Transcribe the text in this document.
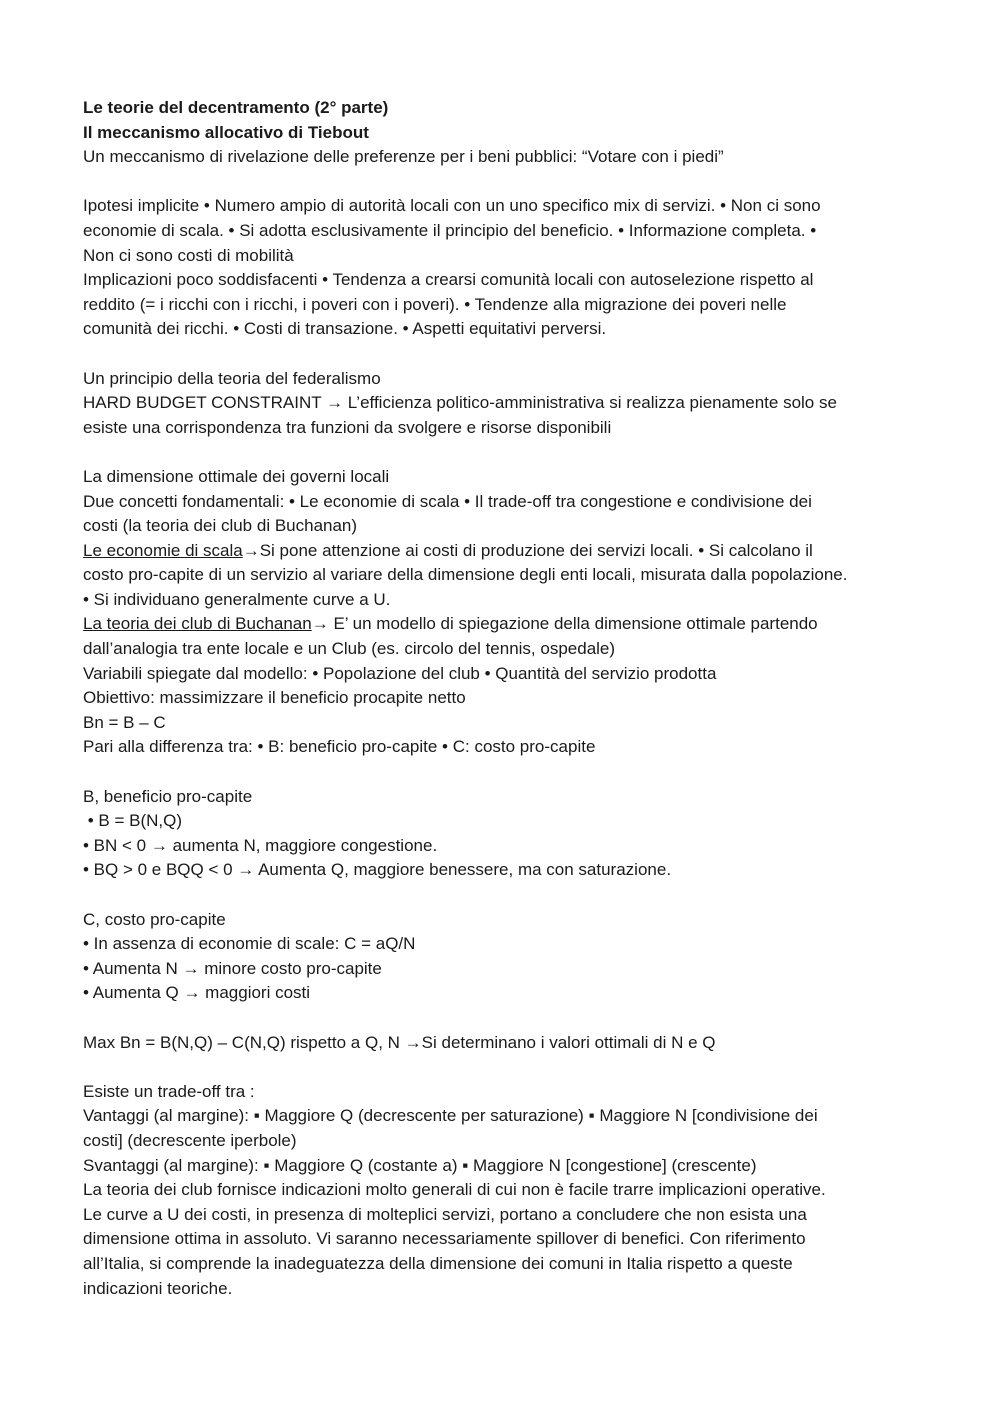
Le teorie del decentramento (2° parte)
Il meccanismo allocativo di Tiebout
Un meccanismo di rivelazione delle preferenze per i beni pubblici: “Votare con i piedi”
Ipotesi implicite • Numero ampio di autorità locali con un uno specifico mix di servizi. • Non ci sono
economie di scala. • Si adotta esclusivamente il principio del beneficio. • Informazione completa. •
Non ci sono costi di mobilità
Implicazioni poco soddisfacenti • Tendenza a crearsi comunità locali con autoselezione rispetto al
reddito (= i ricchi con i ricchi, i poveri con i poveri). • Tendenze alla migrazione dei poveri nelle
comunità dei ricchi. • Costi di transazione. • Aspetti equitativi perversi.
Un principio della teoria del federalismo
HARD BUDGET CONSTRAINT → L’efficienza politico-amministrativa si realizza pienamente solo se
esiste una corrispondenza tra funzioni da svolgere e risorse disponibili
La dimensione ottimale dei governi locali
Due concetti fondamentali: • Le economie di scala • Il trade-off tra congestione e condivisione dei
costi (la teoria dei club di Buchanan)
Le economie di scala→Si pone attenzione ai costi di produzione dei servizi locali. • Si calcolano il
costo pro-capite di un servizio al variare della dimensione degli enti locali, misurata dalla popolazione.
• Si individuano generalmente curve a U.
La teoria dei club di Buchanan→ E’ un modello di spiegazione della dimensione ottimale partendo
dall’analogia tra ente locale e un Club (es. circolo del tennis, ospedale)
Variabili spiegate dal modello: • Popolazione del club • Quantità del servizio prodotta
Obiettivo: massimizzare il beneficio procapite netto
Bn = B – C
Pari alla differenza tra: • B: beneficio pro-capite • C: costo pro-capite
B, beneficio pro-capite
• B = B(N,Q)
• BN < 0 → aumenta N, maggiore congestione.
• BQ > 0 e BQQ < 0 → Aumenta Q, maggiore benessere, ma con saturazione.
C, costo pro-capite
• In assenza di economie di scale: C = aQ/N
• Aumenta N → minore costo pro-capite
• Aumenta Q → maggiori costi
Max Bn = B(N,Q) – C(N,Q) rispetto a Q, N →Si determinano i valori ottimali di N e Q
Esiste un trade-off tra :
Vantaggi (al margine): ▪ Maggiore Q (decrescente per saturazione) ▪ Maggiore N [condivisione dei
costi] (decrescente iperbole)
Svantaggi (al margine): ▪ Maggiore Q (costante a) ▪ Maggiore N [congestione] (crescente)
La teoria dei club fornisce indicazioni molto generali di cui non è facile trarre implicazioni operative.
Le curve a U dei costi, in presenza di molteplici servizi, portano a concludere che non esista una
dimensione ottima in assoluto. Vi saranno necessariamente spillover di benefici. Con riferimento
all’Italia, si comprende la inadeguatezza della dimensione dei comuni in Italia rispetto a queste
indicazioni teoriche.
